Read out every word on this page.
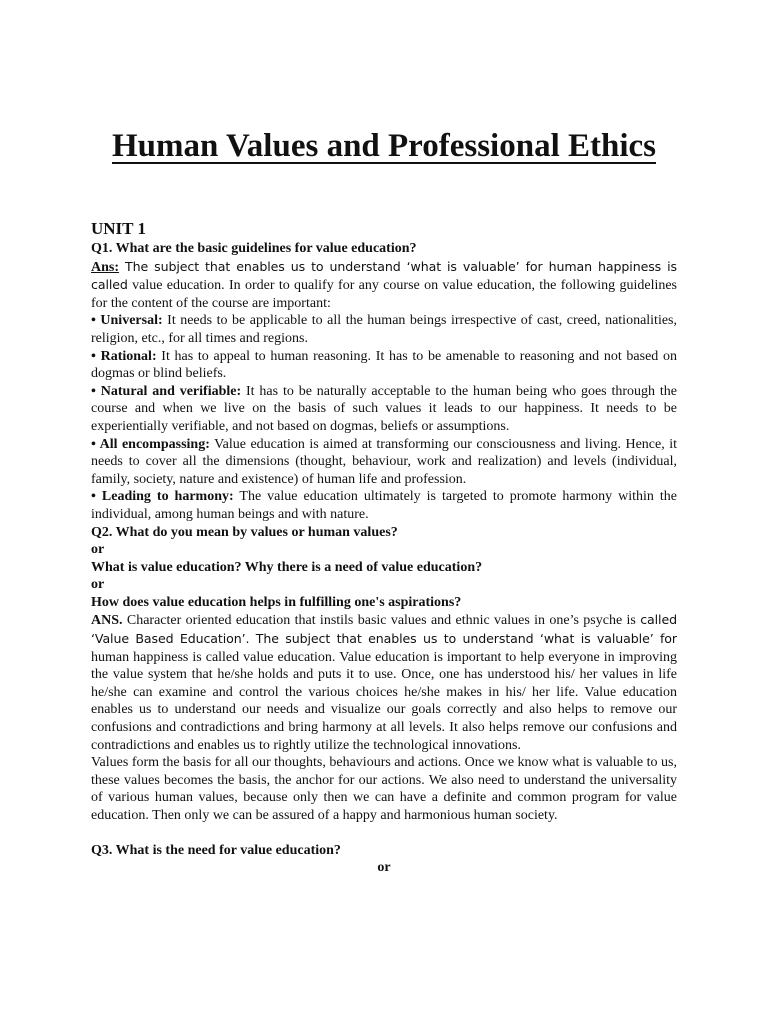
Human Values and Professional Ethics
UNIT 1

Q1. What are the basic guidelines for value education?

Ans: The subject that enables us to understand ‘what is valuable’ for human happiness is called value education. In order to qualify for any course on value education, the following guidelines for the content of the course are important:

• Universal: It needs to be applicable to all the human beings irrespective of cast, creed, nationalities, religion, etc., for all times and regions.

• Rational: It has to appeal to human reasoning. It has to be amenable to reasoning and not based on dogmas or blind beliefs.

• Natural and verifiable: It has to be naturally acceptable to the human being who goes through the course and when we live on the basis of such values it leads to our happiness. It needs to be experientially verifiable, and not based on dogmas, beliefs or assumptions.

• All encompassing: Value education is aimed at transforming our consciousness and living. Hence, it needs to cover all the dimensions (thought, behaviour, work and realization) and levels (individual, family, society, nature and existence) of human life and profession.

• Leading to harmony: The value education ultimately is targeted to promote harmony within the individual, among human beings and with nature.

Q2. What do you mean by values or human values?

or

What is value education? Why there is a need of value education?

or

How does value education helps in fulfilling one's aspirations?

ANS. Character oriented education that instils basic values and ethnic values in one’s psyche is called ‘Value Based Education’. The subject that enables us to understand ‘what is valuable’ for human happiness is called value education. Value education is important to help everyone in improving the value system that he/she holds and puts it to use. Once, one has understood his/ her values in life he/she can examine and control the various choices he/she makes in his/ her life. Value education enables us to understand our needs and visualize our goals correctly and also helps to remove our confusions and contradictions and bring harmony at all levels. It also helps remove our confusions and contradictions and enables us to rightly utilize the technological innovations.

Values form the basis for all our thoughts, behaviours and actions. Once we know what is valuable to us, these values becomes the basis, the anchor for our actions. We also need to understand the universality of various human values, because only then we can have a definite and common program for value education. Then only we can be assured of a happy and harmonious human society.

Q3. What is the need for value education?

or
